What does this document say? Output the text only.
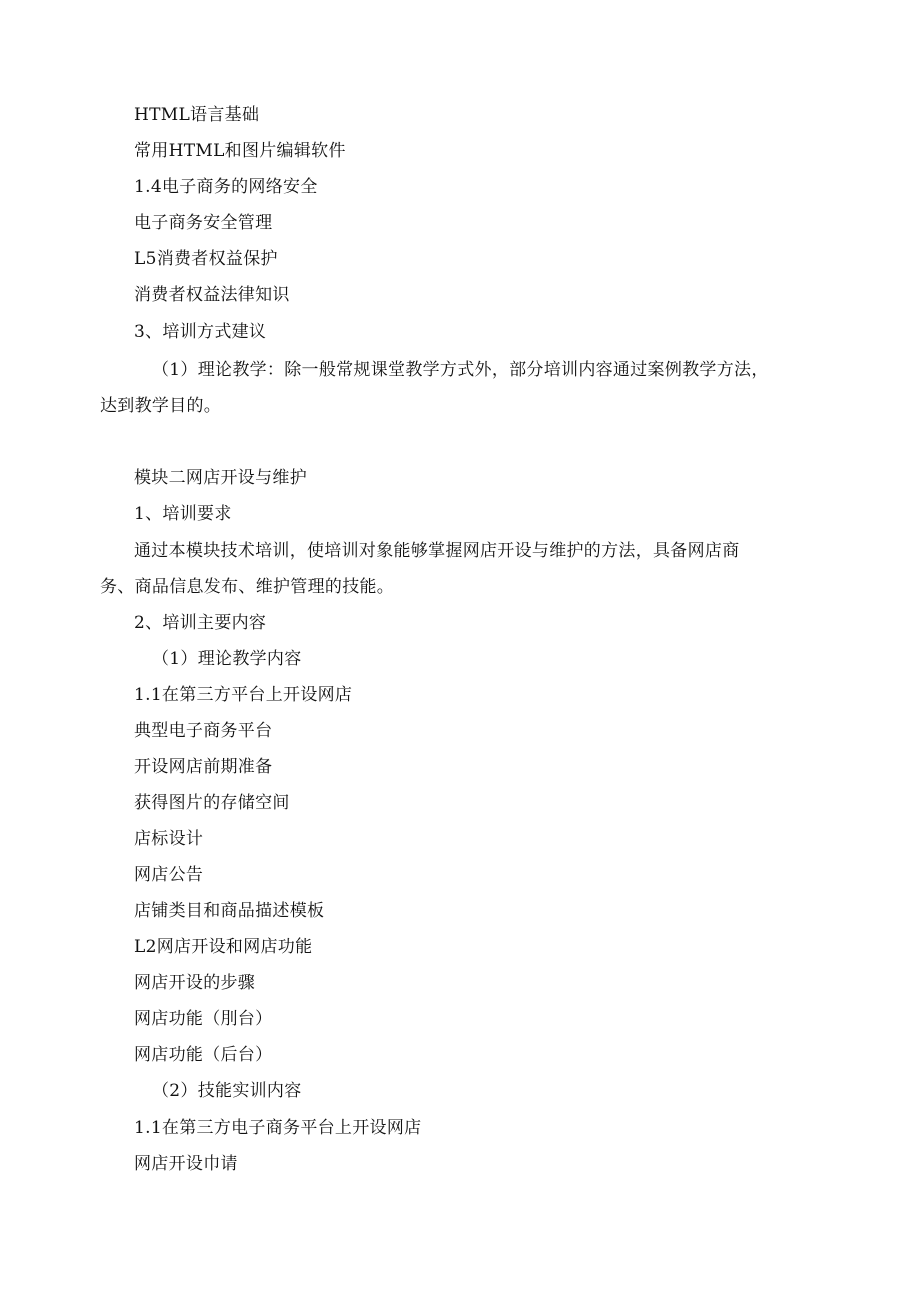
HTML语言基础
常用HTML和图片编辑软件
1.4电子商务的网络安全
电子商务安全管理
L5消费者权益保护
消费者权益法律知识
3、培训方式建议
（1）理论教学：除一般常规课堂教学方式外，部分培训内容通过案例教学方法，
达到教学目的。
模块二网店开设与维护
1、培训要求
通过本模块技术培训，使培训对象能够掌握网店开设与维护的方法，具备网店商
务、商品信息发布、维护管理的技能。
2、培训主要内容
（1）理论教学内容
1.1在第三方平台上开设网店
典型电子商务平台
开设网店前期准备
获得图片的存储空间
店标设计
网店公告
店铺类目和商品描述模板
L2网店开设和网店功能
网店开设的步骤
网店功能（刖台）
网店功能（后台）
（2）技能实训内容
1.1在第三方电子商务平台上开设网店
网店开设巾请
